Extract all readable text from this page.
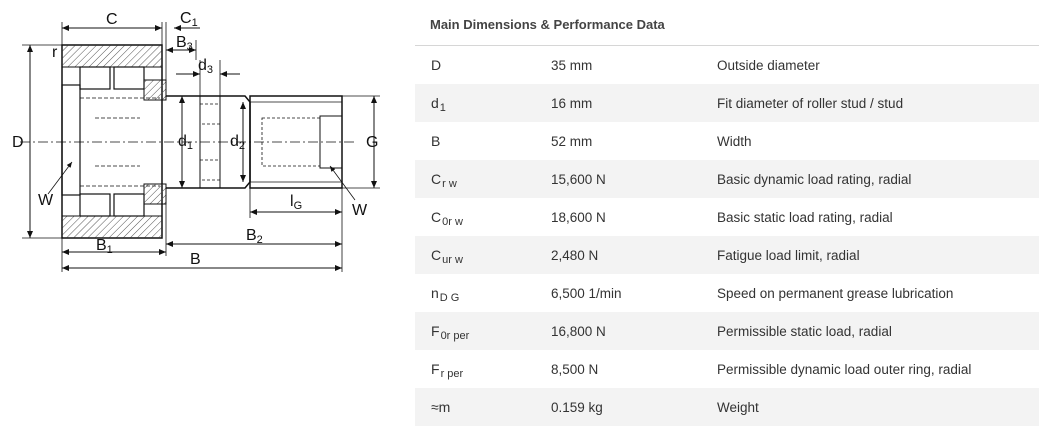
D
r
C	C1
B3
d3
d1 d2	G
W
W
lG
B1
B2
B
Main Dimensions & Performance Data
D	35 mm	Outside diameter
$d_1$	16 mm	Fit diameter of roller stud / stud
B	52 mm	Width
$C_{r w}$	15,600 N	Basic dynamic load rating, radial
$C_{0r w}$	18,600 N	Basic static load rating, radial
$C_{ur w}$	2,480 N	Fatigue load limit, radial
$n_{D G}$	6,500 1/min	Speed on permanent grease lubrication
$F_{0r per}$	16,800 N	Permissible static load, radial
$F_{r per}$	8,500 N	Permissible dynamic load outer ring, radial
≈m	0.159 kg	Weight
